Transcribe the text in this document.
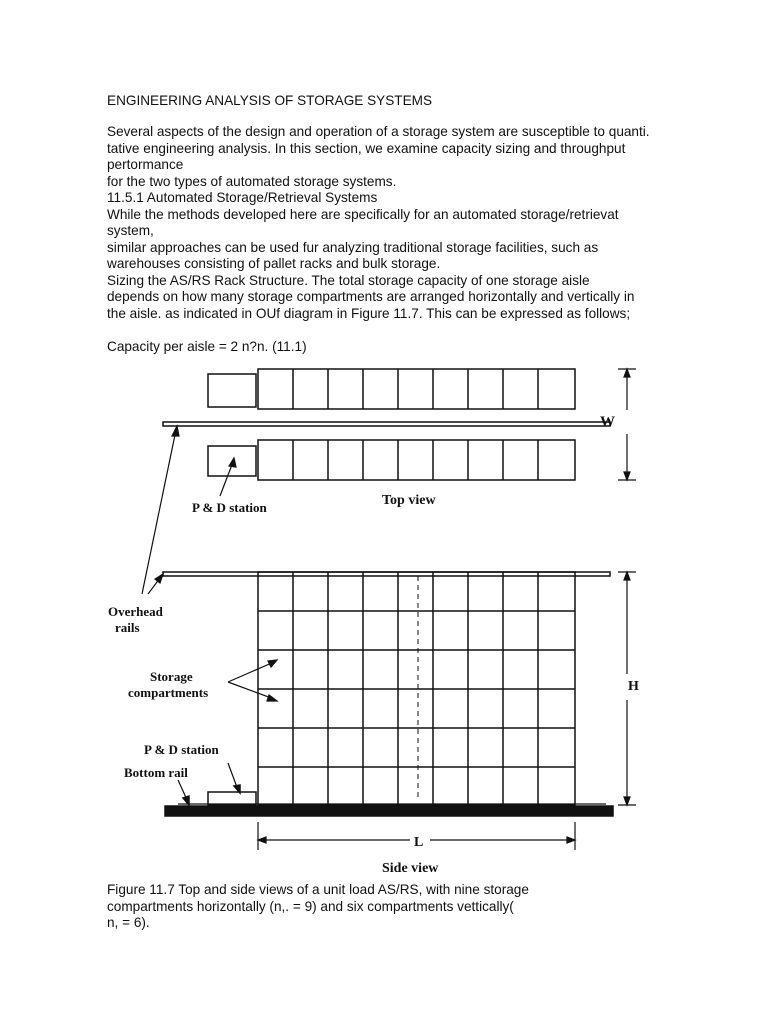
ENGINEERING ANALYSIS OF STORAGE SYSTEMS
Several aspects of the design and operation of a storage system are susceptible to quanti.
tative engineering analysis. In this section, we examine capacity sizing and throughput
pertormance
for the two types of automated storage systems.
11.5.1 Automated Storage/Retrieval Systems
While the methods developed here are specifically for an automated storage/retrievat
system,
similar approaches can be used fur analyzing traditional storage facilities, such as
warehouses consisting of pallet racks and bulk storage.
Sizing the AS/RS Rack Structure. The total storage capacity of one storage aisle
depends on how many storage compartments are arranged horizontally and vertically in
the aisle. as indicated in OUf diagram in Figure 11.7. This can be expressed as follows;
Capacity per aisle = 2 n?n. (11.1)
W
P & D station	Top view
Overhead
rails
Storage
compartments	H
P & D station
Bottom rail
L
Side view
Figure 11.7 Top and side views of a unit load AS/RS, with nine storage
compartments horizontally (n,. = 9) and six compartments vettically(
n, = 6).
